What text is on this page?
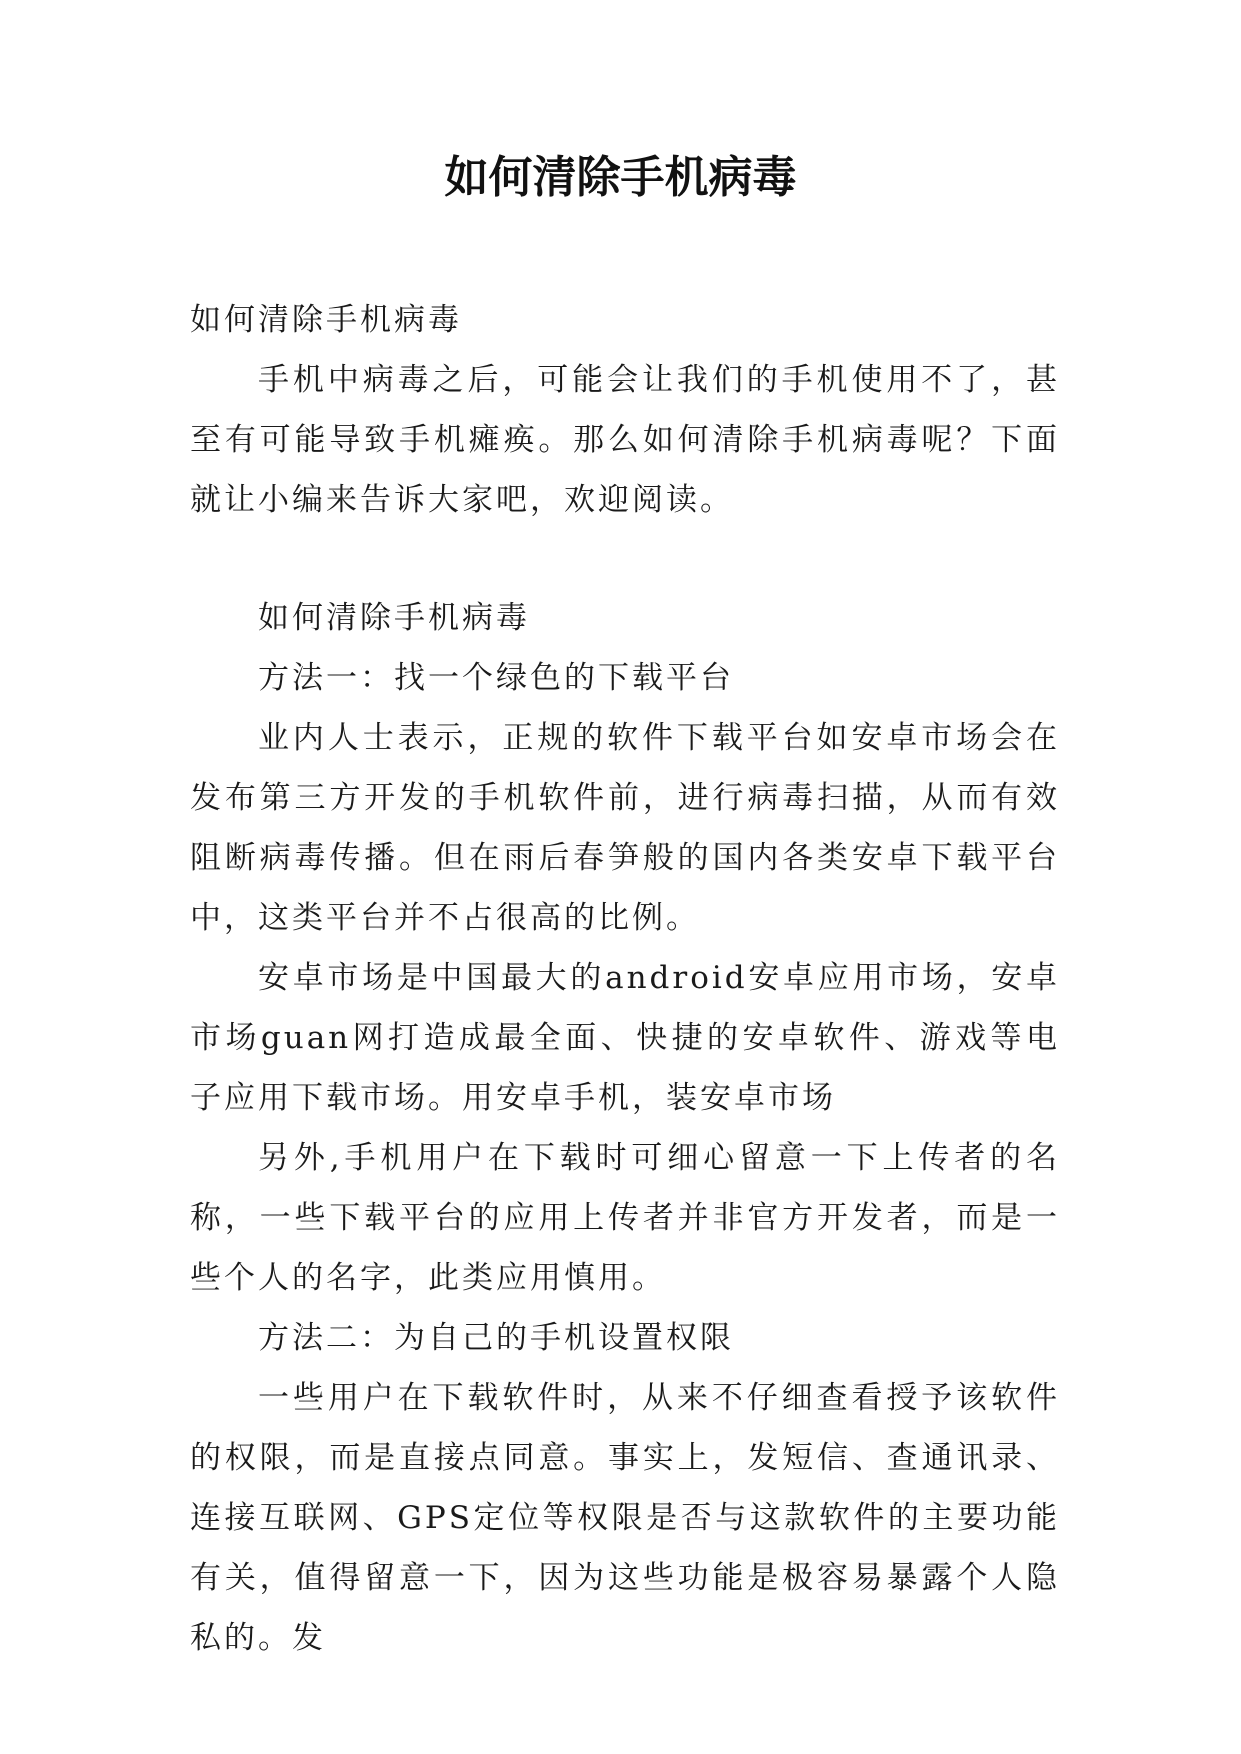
如何清除手机病毒

如何清除手机病毒

手机中病毒之后，可能会让我们的手机使用不了，甚至有可能导致手机瘫痪。那么如何清除手机病毒呢？下面就让小编来告诉大家吧，欢迎阅读。

如何清除手机病毒

方法一：找一个绿色的下载平台

业内人士表示，正规的软件下载平台如安卓市场会在发布第三方开发的手机软件前，进行病毒扫描，从而有效阻断病毒传播。但在雨后春笋般的国内各类安卓下载平台中，这类平台并不占很高的比例。

安卓市场是中国最大的android安卓应用市场，安卓市场guan网打造成最全面、快捷的安卓软件、游戏等电子应用下载市场。用安卓手机，装安卓市场

另外,手机用户在下载时可细心留意一下上传者的名称，一些下载平台的应用上传者并非官方开发者，而是一些个人的名字，此类应用慎用。

方法二：为自己的手机设置权限

一些用户在下载软件时，从来不仔细查看授予该软件的权限，而是直接点同意。事实上，发短信、查通讯录、连接互联网、GPS定位等权限是否与这款软件的主要功能有关，值得留意一下，因为这些功能是极容易暴露个人隐私的。发
